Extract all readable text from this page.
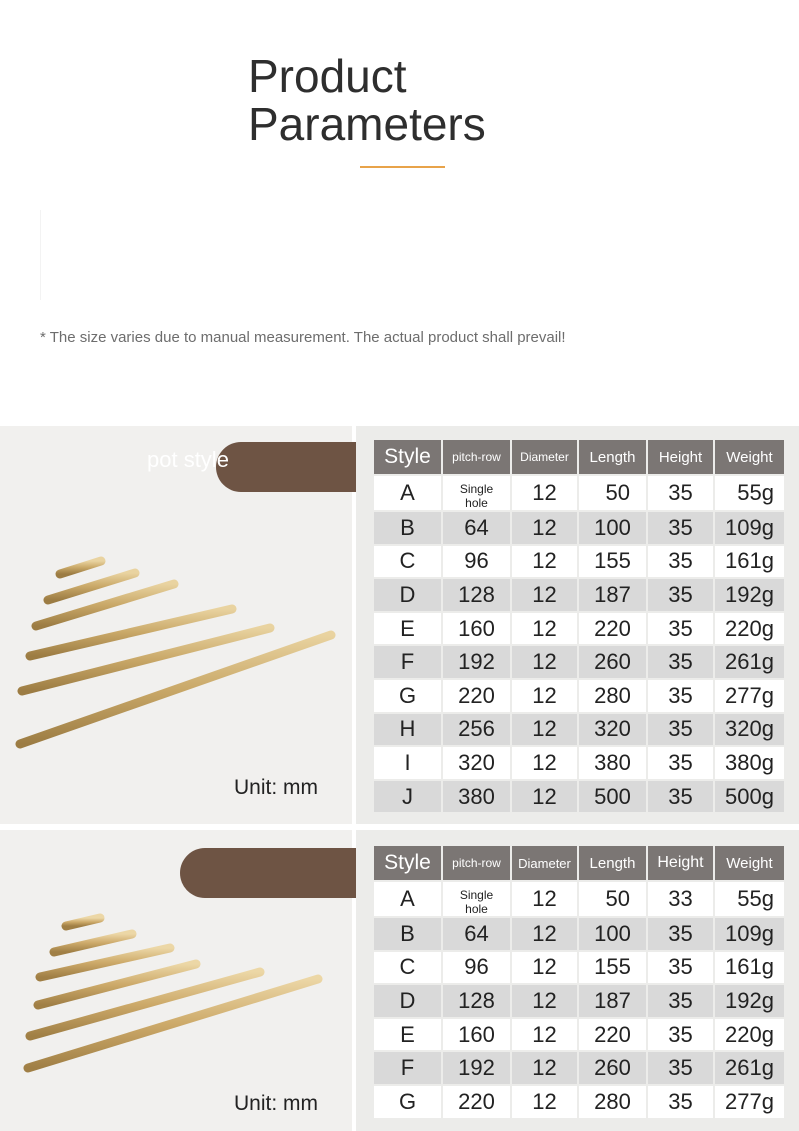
Product
Parameters

* The size varies due to manual measurement. The actual product shall prevail!

Unit: mm
pot style	Style	pitch-row	Diameter	Length	Height	Weight
A	Single hole	12	50	35	55g
B	64	12	100	35	109g
C	96	12	155	35	161g
D	128	12	187	35	192g
E	160	12	220	35	220g
F	192	12	260	35	261g
G	220	12	280	35	277g
H	256	12	320	35	320g
I	320	12	380	35	380g
J	380	12	500	35	500g
Unit: mm
Style	pitch-row	Diameter	Length	Height	Weight
A	Single hole	12	50	33	55g
B	64	12	100	35	109g
C	96	12	155	35	161g
D	128	12	187	35	192g
E	160	12	220	35	220g
F	192	12	260	35	261g
G	220	12	280	35	277g
